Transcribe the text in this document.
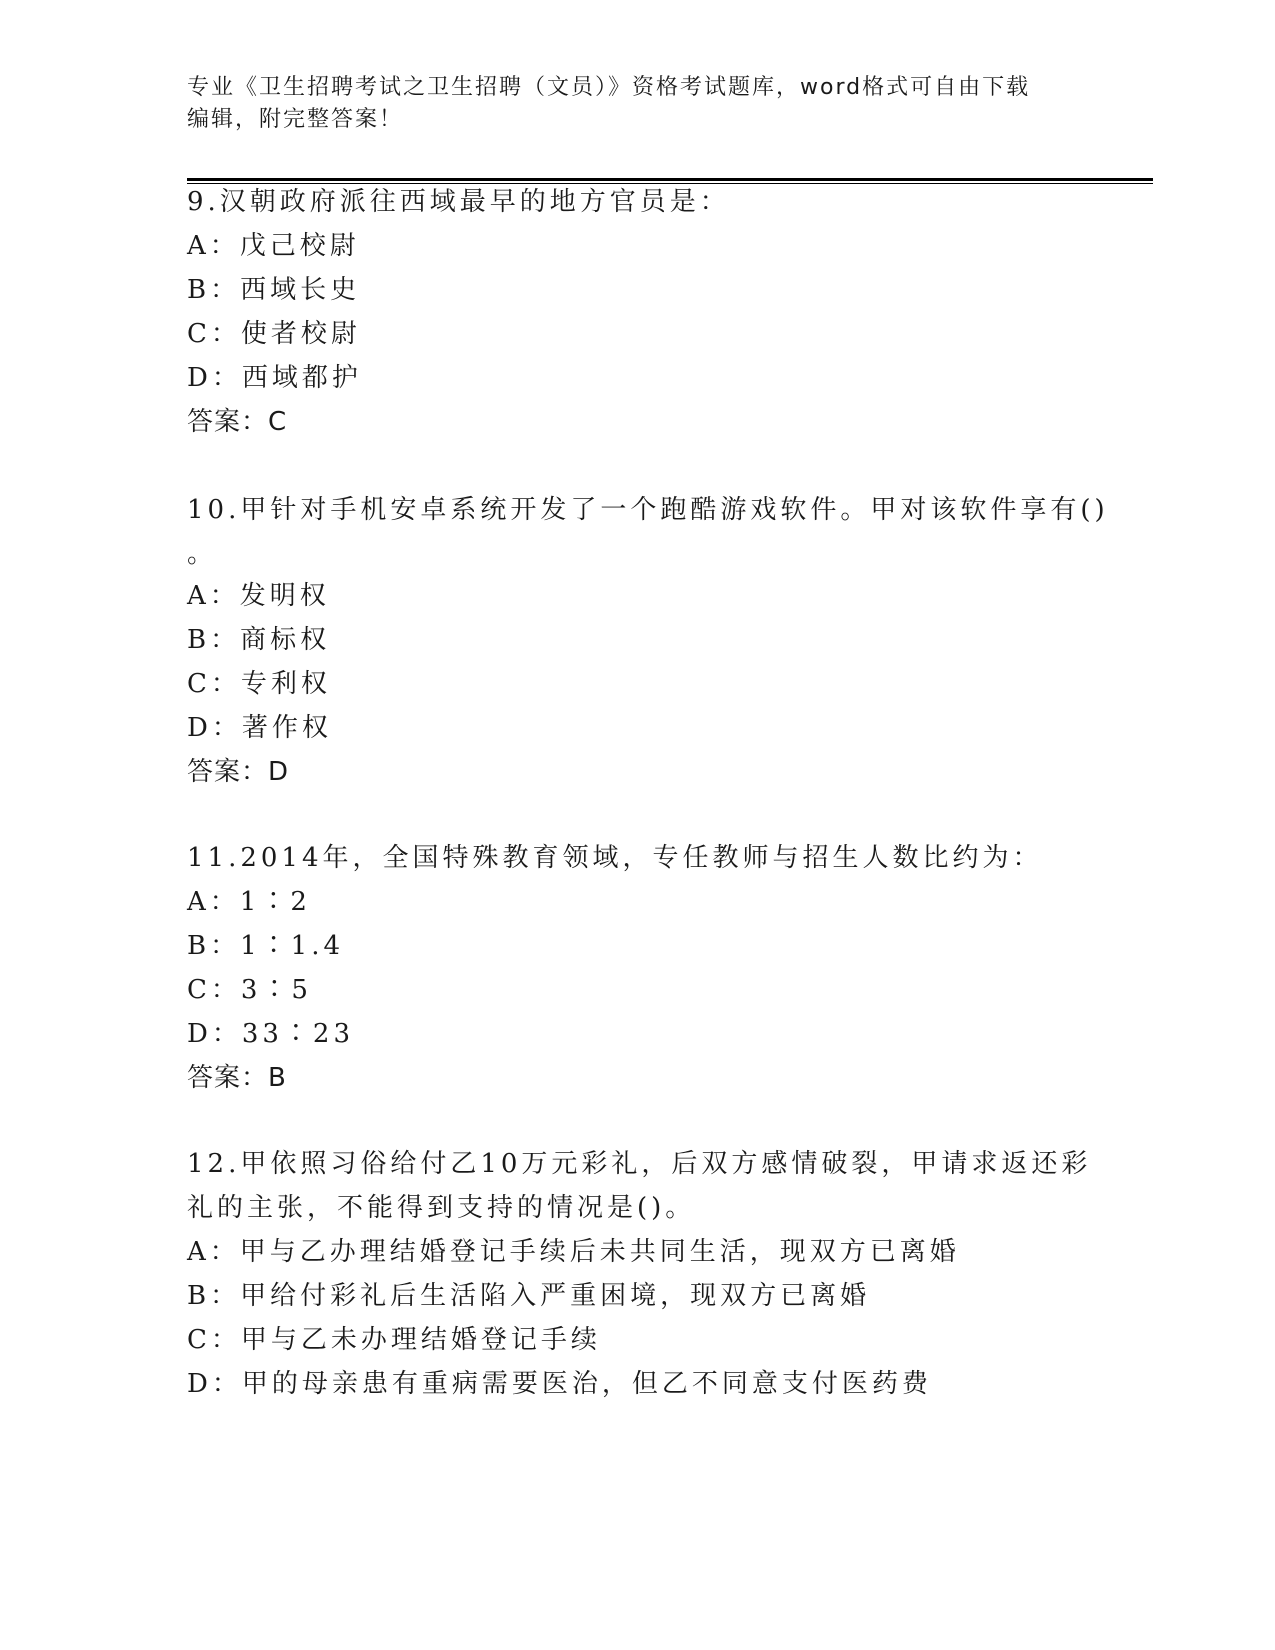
专业《卫生招聘考试之卫生招聘（文员）》资格考试题库，word格式可自由下载
编辑，附完整答案！
9.汉朝政府派往西域最早的地方官员是：
A：戊己校尉
B：西域长史
C：使者校尉
D：西域都护
答案：C
10.甲针对手机安卓系统开发了一个跑酷游戏软件。甲对该软件享有()
。
A：发明权
B：商标权
C：专利权
D：著作权
答案：D
11.2014年，全国特殊教育领域，专任教师与招生人数比约为：
A：1∶2
B：1∶1.4
C：3∶5
D：33∶23
答案：B
12.甲依照习俗给付乙10万元彩礼，后双方感情破裂，甲请求返还彩
礼的主张，不能得到支持的情况是()。
A：甲与乙办理结婚登记手续后未共同生活，现双方已离婚
B：甲给付彩礼后生活陷入严重困境，现双方已离婚
C：甲与乙未办理结婚登记手续
D：甲的母亲患有重病需要医治，但乙不同意支付医药费
